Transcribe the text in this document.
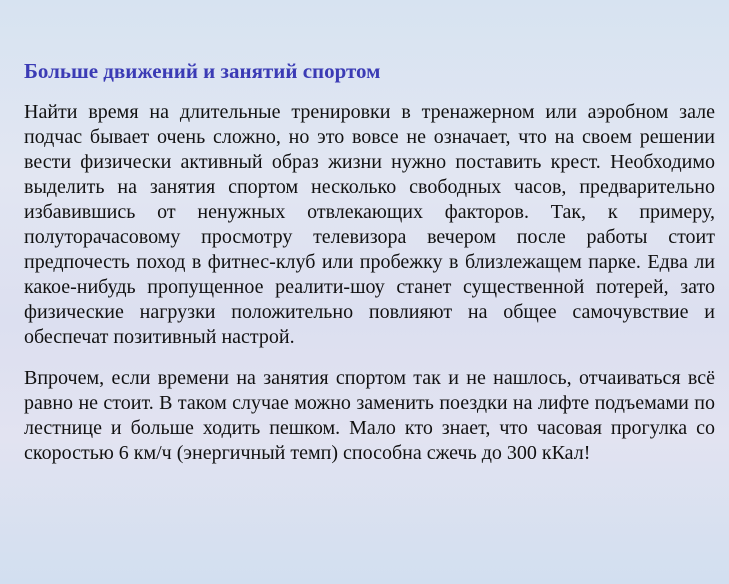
Больше движений и занятий спортом

Найти время на длительные тренировки в тренажерном или аэробном зале подчас бывает очень сложно, но это вовсе не означает, что на своем решении вести физически активный образ жизни нужно поставить крест. Необходимо выделить на занятия спортом несколько свободных часов, предварительно избавившись от ненужных отвлекающих факторов. Так, к примеру, полуторачасовому просмотру телевизора вечером после работы стоит предпочесть поход в фитнес-клуб или пробежку в близлежащем парке. Едва ли какое-нибудь пропущенное реалити-шоу станет существенной потерей, зато физические нагрузки положительно повлияют на общее самочувствие и обеспечат позитивный настрой.

Впрочем, если времени на занятия спортом так и не нашлось, отчаиваться всё равно не стоит. В таком случае можно заменить поездки на лифте подъемами по лестнице и больше ходить пешком. Мало кто знает, что часовая прогулка со скоростью 6 км/ч (энергичный темп) способна сжечь до 300 кКал!
